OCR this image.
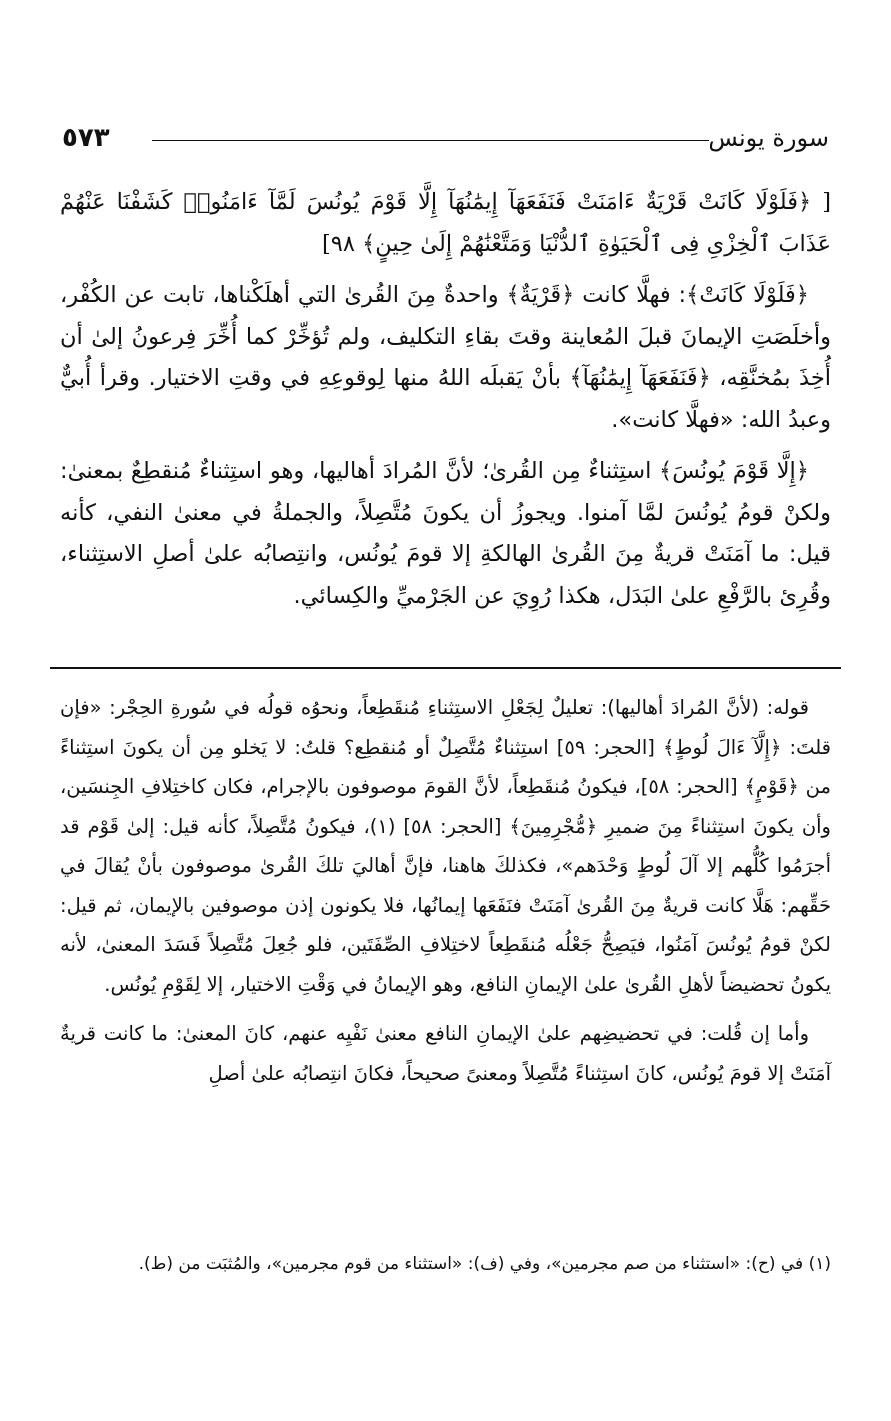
سورة يونس
٥٧٣

[ ﴿فَلَوْلَا كَانَتْ قَرْيَةٌ ءَامَنَتْ فَنَفَعَهَآ إِيمَٰنُهَآ إِلَّا قَوْمَ يُونُسَ لَمَّآ ءَامَنُوا۟ كَشَفْنَا عَنْهُمْ عَذَابَ ٱلْخِزْىِ فِى ٱلْحَيَوٰةِ ٱلدُّنْيَا وَمَتَّعْنَٰهُمْ إِلَىٰ حِينٍ﴾ ٩٨]

﴿فَلَوْلَا كَانَتْ﴾: فهلَّا كانت ﴿قَرْيَةٌ﴾ واحدةٌ مِنَ القُرىٰ التي أهلَكْناها، تابت عن الكُفْر، وأخلَصَتِ الإيمانَ قبلَ المُعاينة وقتَ بقاءِ التكليف، ولم تُؤخِّرْ كما أُخِّرَ فِرعونُ إلىٰ أن أُخِذَ بمُخنَّقِه، ﴿فَنَفَعَهَآ إِيمَٰنُهَآ﴾ بأنْ يَقبلَه اللهُ منها لِوقوعِهِ في وقتِ الاختيار. وقرأ أُبيٌّ وعبدُ الله: «فهلَّا كانت».

﴿إِلَّا قَوْمَ يُونُسَ﴾ استِثناءٌ مِن القُرىٰ؛ لأنَّ المُرادَ أهاليها، وهو استِثناءٌ مُنقطِعٌ بمعنىٰ: ولكنْ قومُ يُونُسَ لمَّا آمنوا. ويجوزُ أن يكونَ مُتَّصِلاً، والجملةُ في معنىٰ النفي، كأنه قيل: ما آمَنَتْ قريةٌ مِنَ القُرىٰ الهالكةِ إلا قومَ يُونُس، وانتِصابُه علىٰ أصلِ الاستِثناء، وقُرِئ بالرَّفْعِ علىٰ البَدَل، هكذا رُوِيَ عن الجَرْميِّ والكِسائي.

قوله: (لأنَّ المُرادَ أهاليها): تعليلٌ لِجَعْلِ الاستِثناءِ مُنقَطِعاً، ونحوُه قولُه في سُورةِ الحِجْر: «فإن قلتَ: ﴿إِلَّآ ءَالَ لُوطٍ﴾ [الحجر: ٥٩] استِثناءٌ مُتَّصِلٌ أو مُنقطِع؟ قلتُ: لا يَخلو مِن أن يكونَ استِثناءً من ﴿قَوْمٍ﴾ [الحجر: ٥٨]، فيكونُ مُنقَطِعاً، لأنَّ القومَ موصوفون بالإجرام، فكان كاختِلافِ الجِنسَين، وأن يكونَ استِثناءً مِنَ ضميرِ ﴿مُّجْرِمِينَ﴾ [الحجر: ٥٨] (١)، فيكونُ مُتَّصِلاً، كأنه قيل: إلىٰ قَوْم قد أجرَمُوا كُلُّهم إلا آلَ لُوطٍ وَحْدَهم»، فكذلكَ هاهنا، فإنَّ أهاليَ تلكَ القُرىٰ موصوفون بأنْ يُقالَ في حَقِّهم: هَلَّا كانت قريةٌ مِنَ القُرىٰ آمَنَتْ فنَفَعَها إيمانُها، فلا يكونون إذن موصوفين بالإيمان، ثم قيل: لكنْ قومُ يُونُسَ آمَنُوا، فيَصِحُّ جَعْلُه مُنقَطِعاً لاختِلافِ الصِّفَتَين، فلو جُعِلَ مُتَّصِلاً فَسَدَ المعنىٰ، لأنه يكونُ تحضيضاً لأهلِ القُرىٰ علىٰ الإيمانِ النافع، وهو الإيمانُ في وَقْتِ الاختيار، إلا لِقَوْمِ يُونُس.

وأما إن قُلت: في تحضيضِهم علىٰ الإيمانِ النافع معنىٰ نَفْيِه عنهم، كانَ المعنىٰ: ما كانت قريةٌ آمَنَتْ إلا قومَ يُونُس، كانَ استِثناءً مُتَّصِلاً ومعنىً صحيحاً، فكانَ انتِصابُه علىٰ أصلِ

(١) في (ح): «استثناء من صم مجرمين»، وفي (ف): «استثناء من قوم مجرمين»، والمُثبَت من (ط).
